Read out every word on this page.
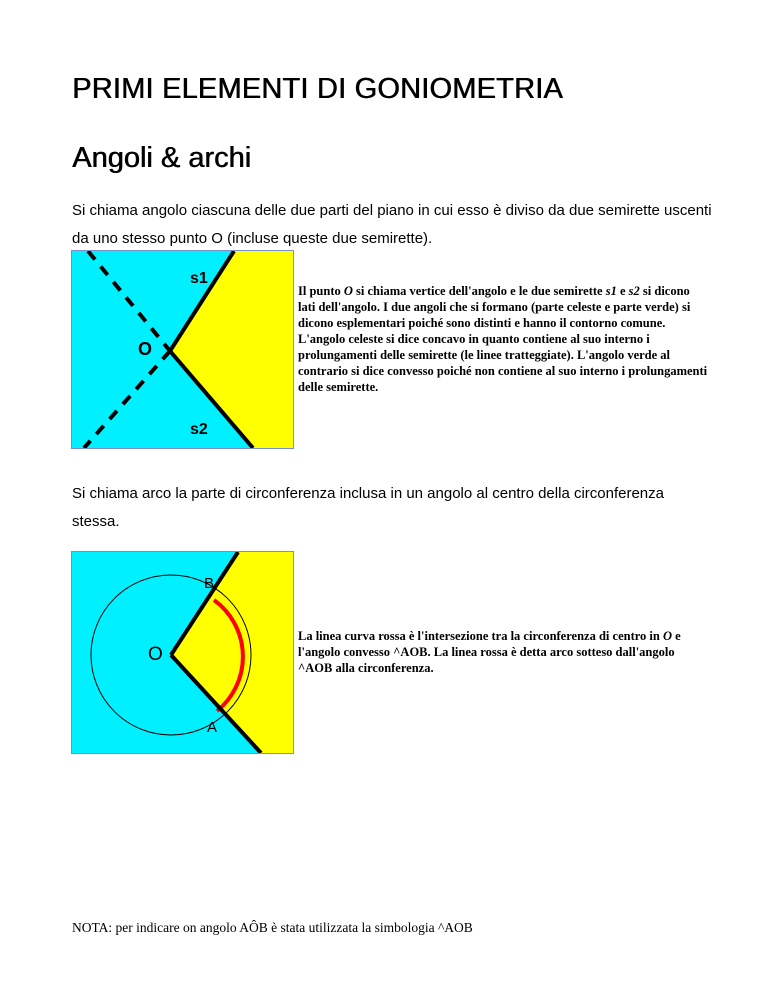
PRIMI ELEMENTI DI GONIOMETRIA
Angoli & archi

Si chiama angolo ciascuna delle due parti del piano in cui esso è diviso da due semirette uscenti da uno stesso punto O (incluse queste due semirette).

s1
O
s2

Il punto O si chiama vertice dell'angolo e le due semirette s1 e s2 si dicono lati dell'angolo. I due angoli che si formano (parte celeste e parte verde) si dicono esplementari poiché sono distinti e hanno il contorno comune. L'angolo celeste si dice concavo in quanto contiene al suo interno i prolungamenti delle semirette (le linee tratteggiate). L'angolo verde al contrario si dice convesso poiché non contiene al suo interno i prolungamenti delle semirette.

Si chiama arco la parte di circonferenza inclusa in un angolo al centro della circonferenza stessa.

B
O
A

La linea curva rossa è l'intersezione tra la circonferenza di centro in O e l'angolo convesso ^AOB. La linea rossa è detta arco sotteso dall'angolo ^AOB alla circonferenza.

NOTA: per indicare on angolo AÔB è stata utilizzata la simbologia ^AOB
